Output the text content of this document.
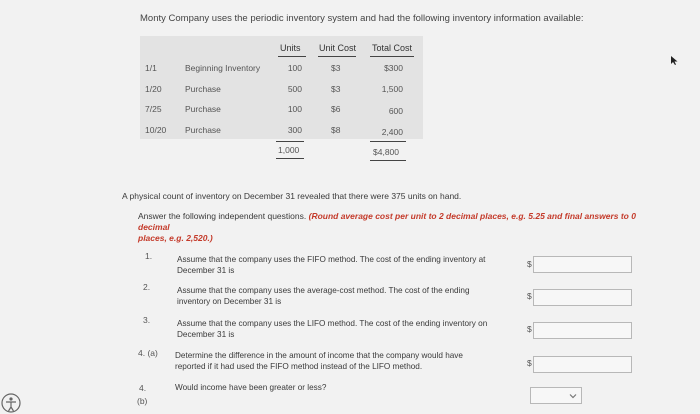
Monty Company uses the periodic inventory system and had the following inventory information available:
Units Unit Cost Total Cost
1/1	Beginning Inventory	100	$3	$300
1/20	Purchase	500	$3	1,500
7/25	Purchase	100	$6	600
10/20 Purchase	300	$8	2,400
1,000	$4,800
A physical count of inventory on December 31 revealed that there were 375 units on hand.
Answer the following independent questions. (Round average cost per unit to 2 decimal places, e.g. 5.25 and final answers to 0 decimal
places, e.g. 2,520.)
1.	Assume that the company uses the FIFO method. The cost of the ending inventory at
December 31 is
$
2.	Assume that the company uses the average-cost method. The cost of the ending
inventory on December 31 is	$
3.	Assume that the company uses the LIFO method. The cost of the ending inventory on
December 31 is	$
4. (a) Determine the difference in the amount of income that the company would have
reported if it had used the FIFO method instead of the LIFO method.	$
4.
(b)
Would income have been greater or less?
